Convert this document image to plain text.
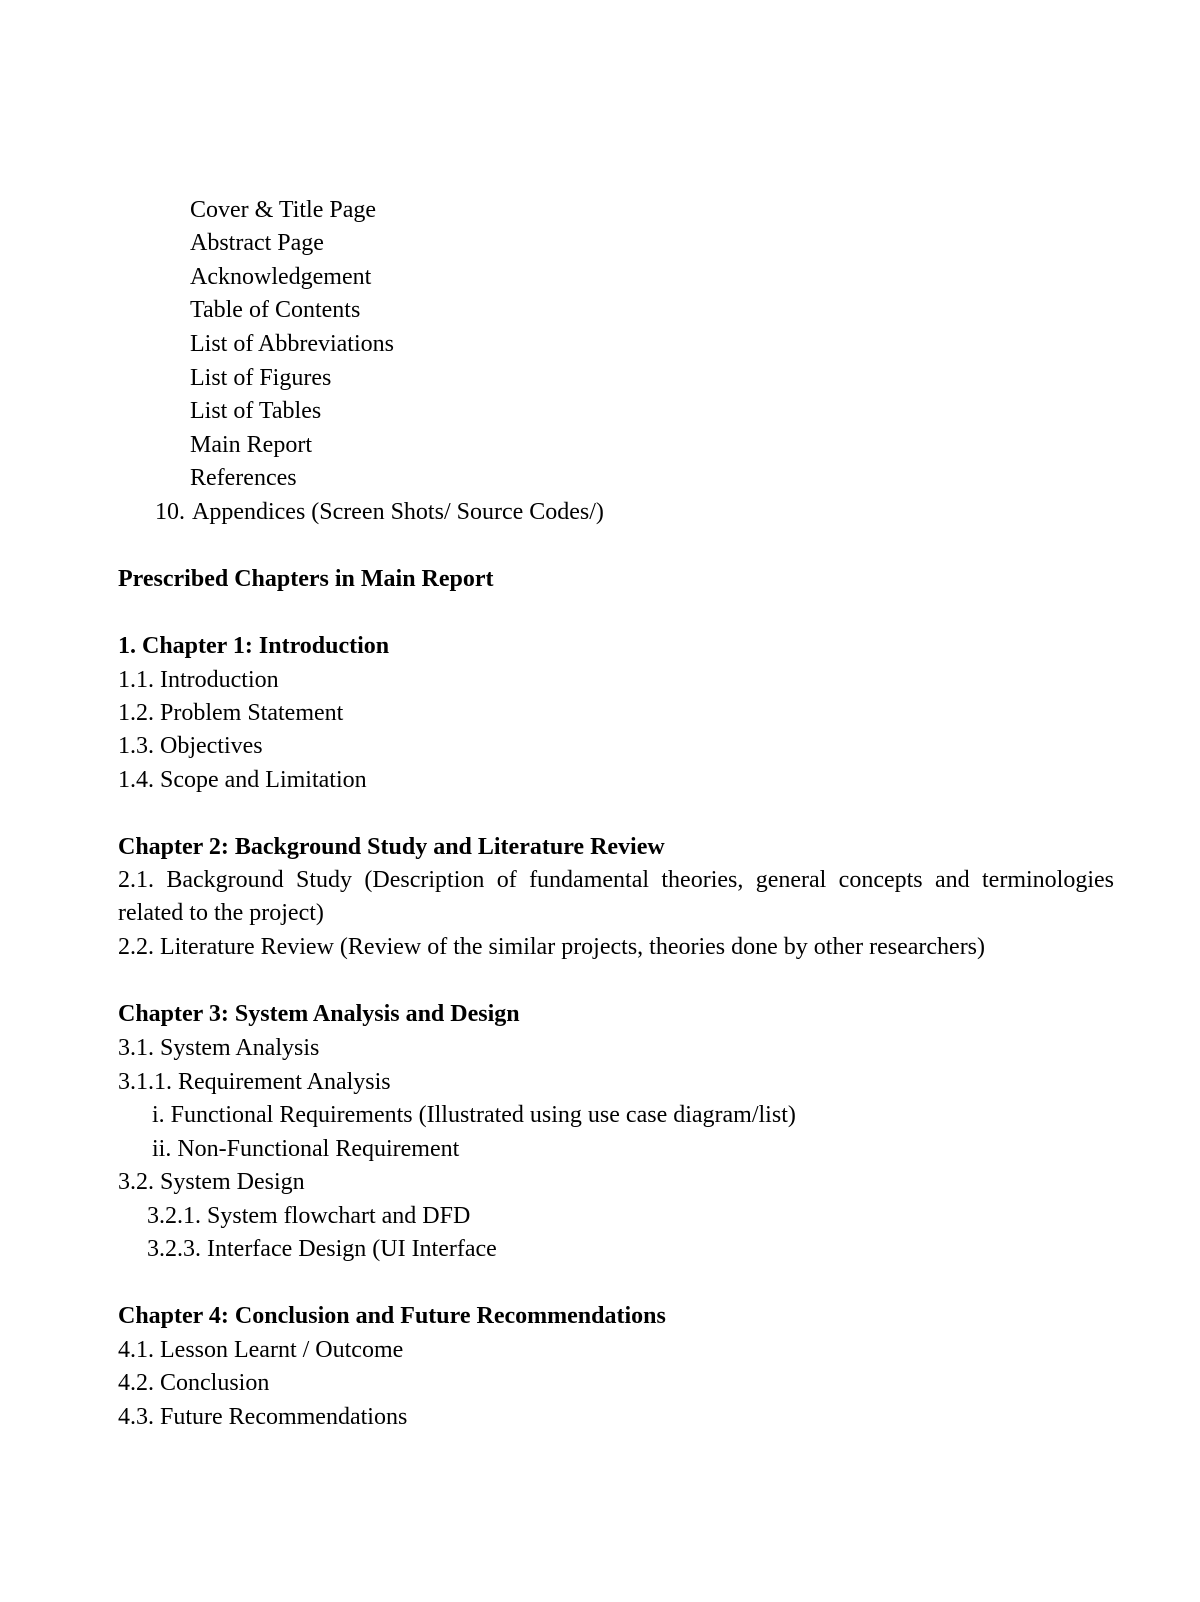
Cover & Title Page
Abstract Page
Acknowledgement
Table of Contents
List of Abbreviations
List of Figures
List of Tables
Main Report
References
10. Appendices (Screen Shots/ Source Codes/)
Prescribed Chapters in Main Report
1. Chapter 1: Introduction
1.1. Introduction
1.2. Problem Statement
1.3. Objectives
1.4. Scope and Limitation
Chapter 2: Background Study and Literature Review
2.1. Background Study (Description of fundamental theories, general concepts and terminologies related to the project)
2.2. Literature Review (Review of the similar projects, theories done by other researchers)
Chapter 3: System Analysis and Design
3.1. System Analysis
3.1.1. Requirement Analysis
i. Functional Requirements (Illustrated using use case diagram/list)
ii. Non-Functional Requirement
3.2. System Design
3.2.1. System flowchart and DFD
3.2.3. Interface Design (UI Interface
Chapter 4: Conclusion and Future Recommendations
4.1. Lesson Learnt / Outcome
4.2. Conclusion
4.3. Future Recommendations
